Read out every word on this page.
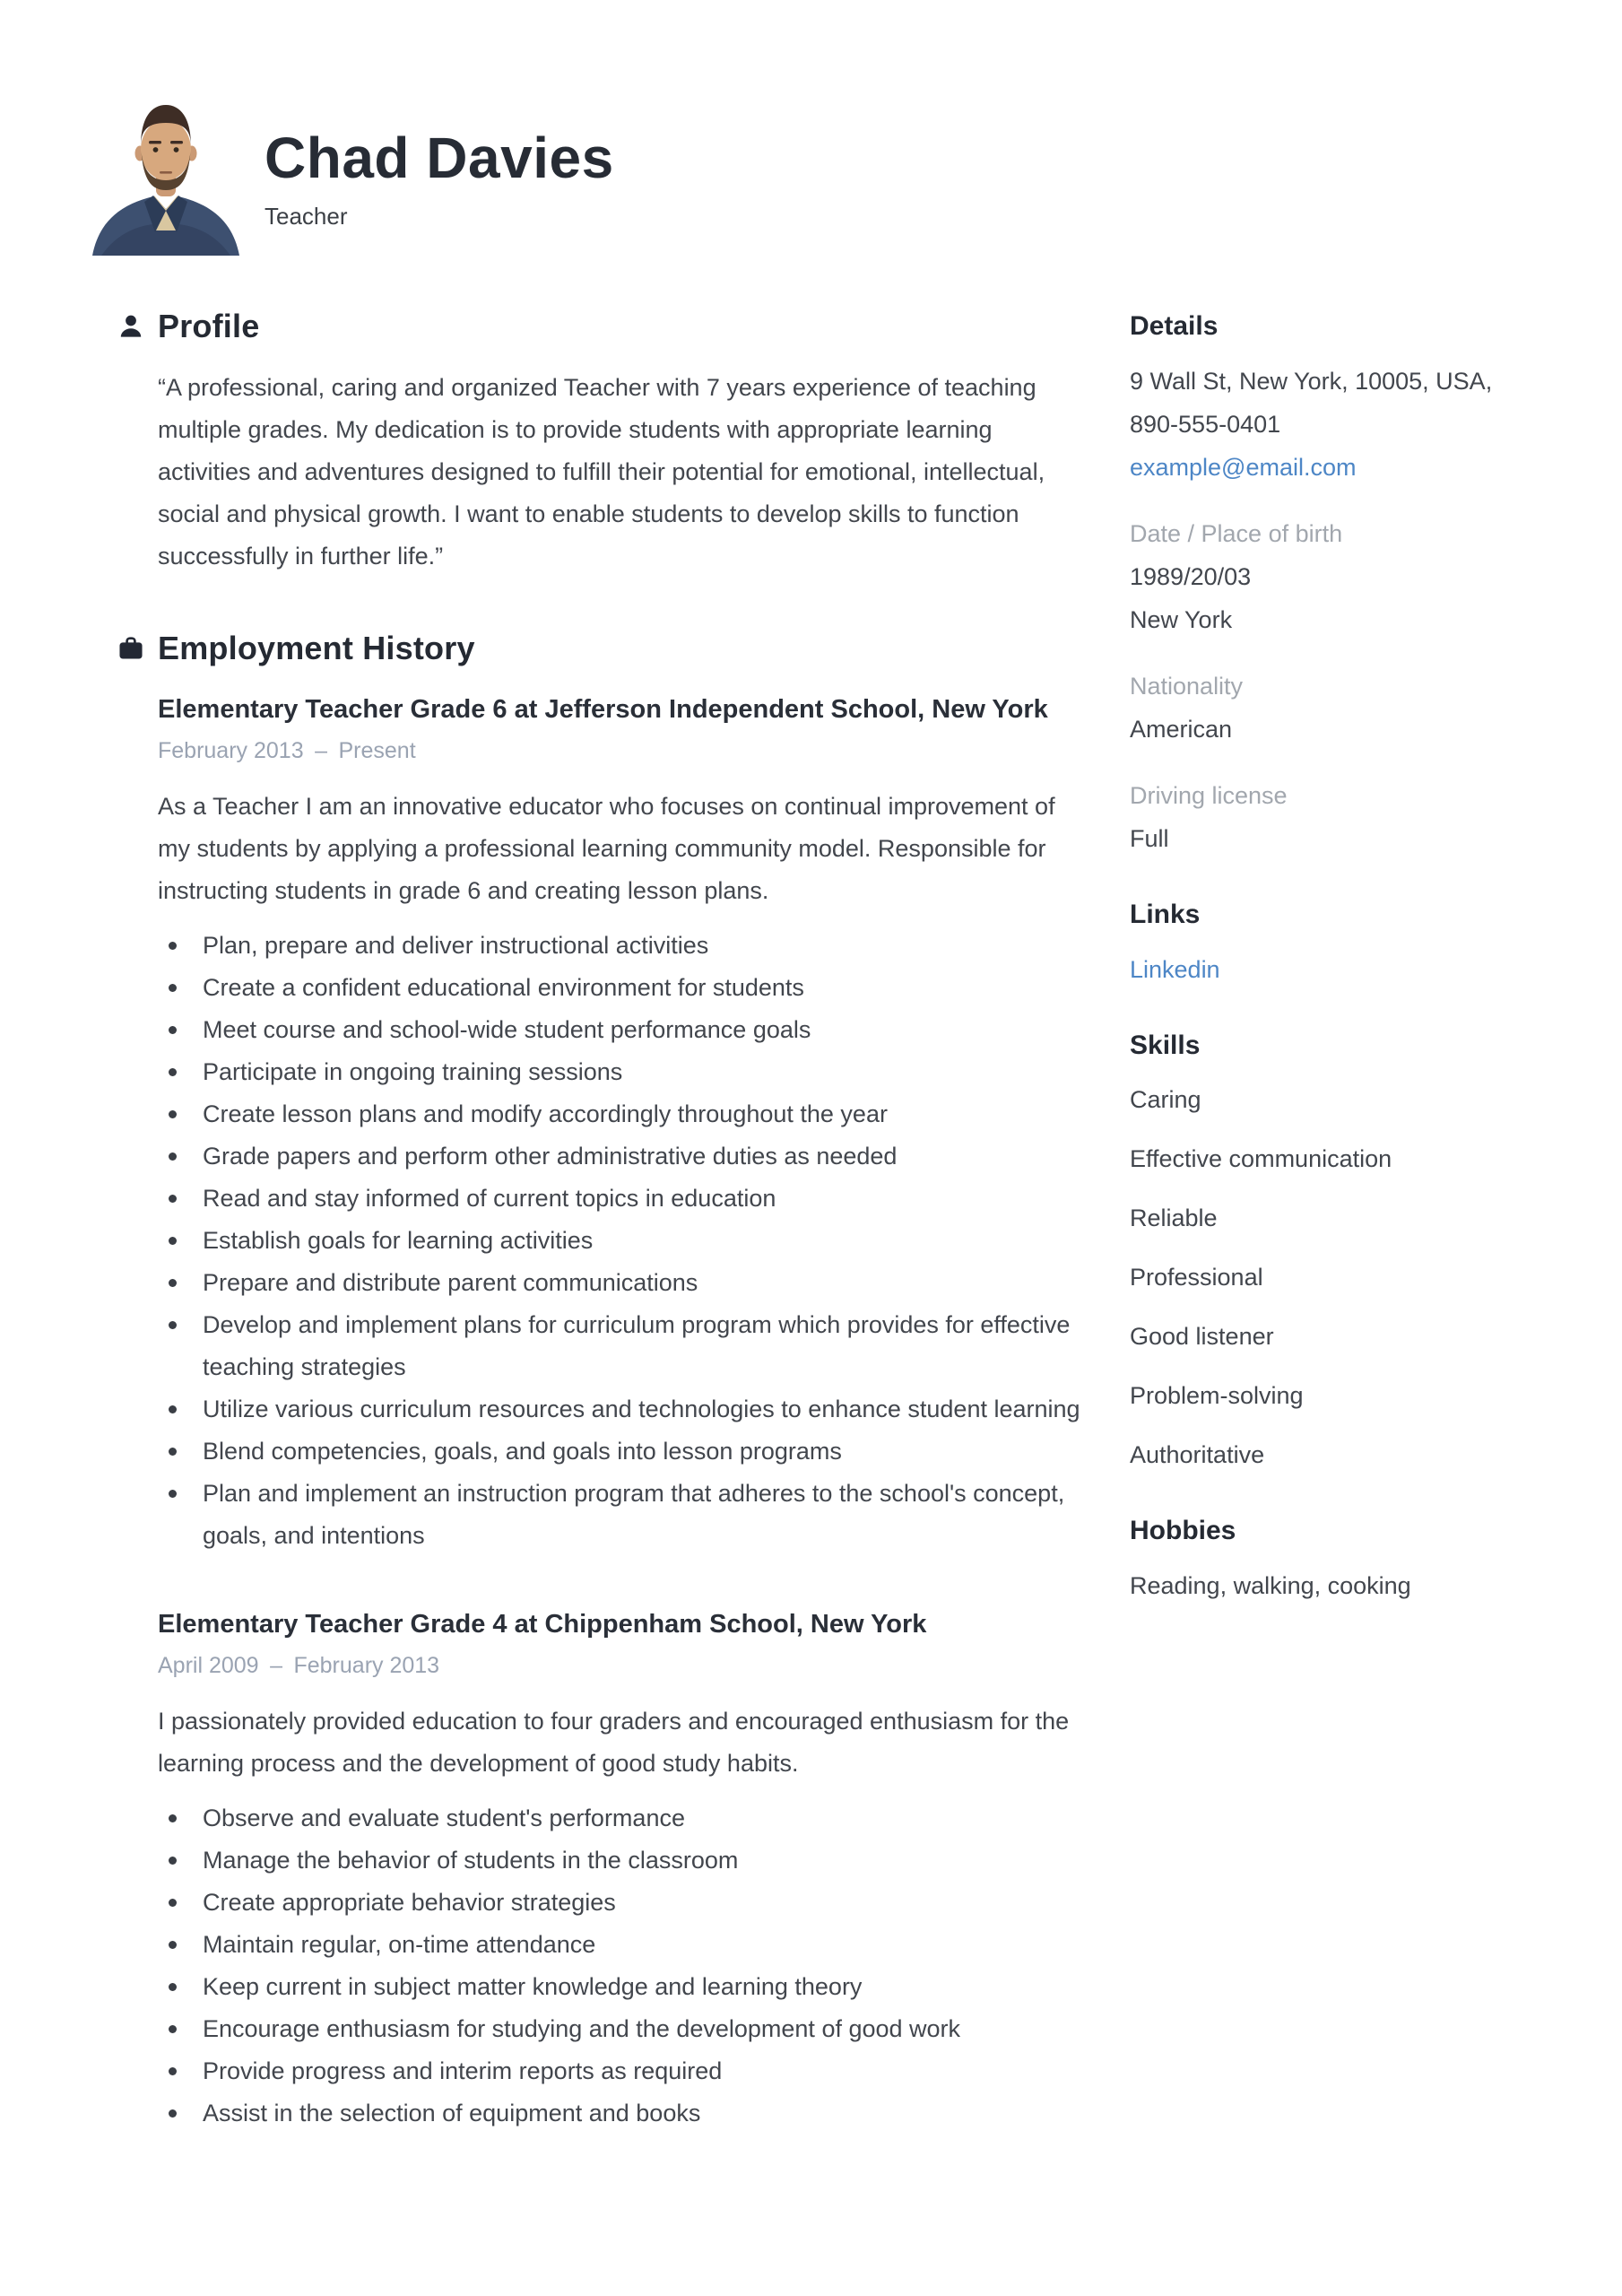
Chad Davies
Teacher
Profile

“A professional, caring and organized Teacher with 7 years experience of teaching multiple grades. My dedication is to provide students with appropriate learning activities and adventures designed to fulfill their potential for emotional, intellectual, social and physical growth. I want to enable students to develop skills to function successfully in further life.”

Employment History
Elementary Teacher Grade 6 at Jefferson Independent School, New York
February 2013 – Present

As a Teacher I am an innovative educator who focuses on continual improvement of my students by applying a professional learning community model. Responsible for instructing students in grade 6 and creating lesson plans.

Plan, prepare and deliver instructional activities
Create a confident educational environment for students
Meet course and school-wide student performance goals
Participate in ongoing training sessions
Create lesson plans and modify accordingly throughout the year
Grade papers and perform other administrative duties as needed
Read and stay informed of current topics in education
Establish goals for learning activities
Prepare and distribute parent communications
Develop and implement plans for curriculum program which provides for effective teaching strategies
Utilize various curriculum resources and technologies to enhance student learning
Blend competencies, goals, and goals into lesson programs
Plan and implement an instruction program that adheres to the school's concept, goals, and intentions
Elementary Teacher Grade 4 at Chippenham School, New York
April 2009 – February 2013

I passionately provided education to four graders and encouraged enthusiasm for the learning process and the development of good study habits.

Observe and evaluate student's performance
Manage the behavior of students in the classroom
Create appropriate behavior strategies
Maintain regular, on-time attendance
Keep current in subject matter knowledge and learning theory
Encourage enthusiasm for studying and the development of good work
Provide progress and interim reports as required
Assist in the selection of equipment and books
Details
9 Wall St, New York, 10005, USA,
890-555-0401
example@email.com
Date / Place of birth
1989/20/03
New York
Nationality
American
Driving license
Full
Links
Linkedin
Skills
Caring
Effective communication
Reliable
Professional
Good listener
Problem-solving
Authoritative
Hobbies
Reading, walking, cooking
